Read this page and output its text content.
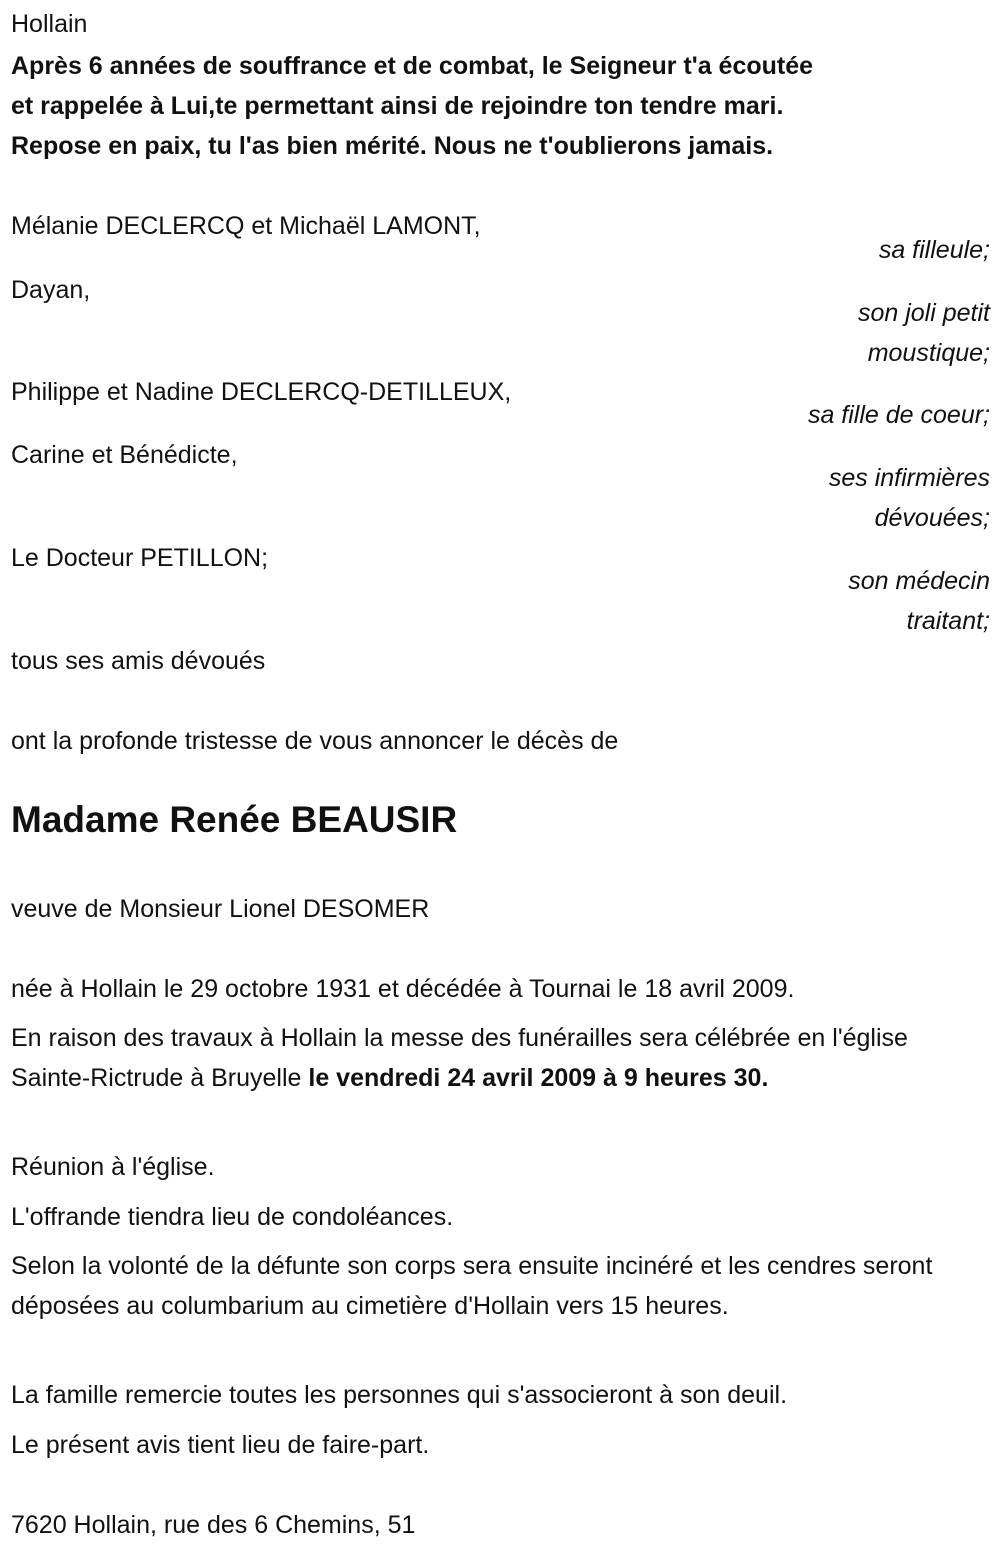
Hollain
Après 6 années de souffrance et de combat, le Seigneur t'a écoutée
et rappelée à Lui,te permettant ainsi de rejoindre ton tendre mari.
Repose en paix, tu l'as bien mérité. Nous ne t'oublierons jamais.
Mélanie DECLERCQ et Michaël LAMONT,
sa filleule;
Dayan,
son joli petit
moustique;
Philippe et Nadine DECLERCQ-DETILLEUX,
sa fille de coeur;
Carine et Bénédicte,
ses infirmières
dévouées;
Le Docteur PETILLON;
son médecin
traitant;
tous ses amis dévoués
ont la profonde tristesse de vous annoncer le décès de
Madame Renée BEAUSIR
veuve de Monsieur Lionel DESOMER
née à Hollain le 29 octobre 1931 et décédée à Tournai le 18 avril 2009.
En raison des travaux à Hollain la messe des funérailles sera célébrée en l'église Sainte-Rictrude à Bruyelle le vendredi 24 avril 2009 à 9 heures 30.
Réunion à l'église.
L'offrande tiendra lieu de condoléances.
Selon la volonté de la défunte son corps sera ensuite incinéré et les cendres seront déposées au columbarium au cimetière d'Hollain vers 15 heures.
La famille remercie toutes les personnes qui s'associeront à son deuil.
Le présent avis tient lieu de faire-part.
7620 Hollain, rue des 6 Chemins, 51
